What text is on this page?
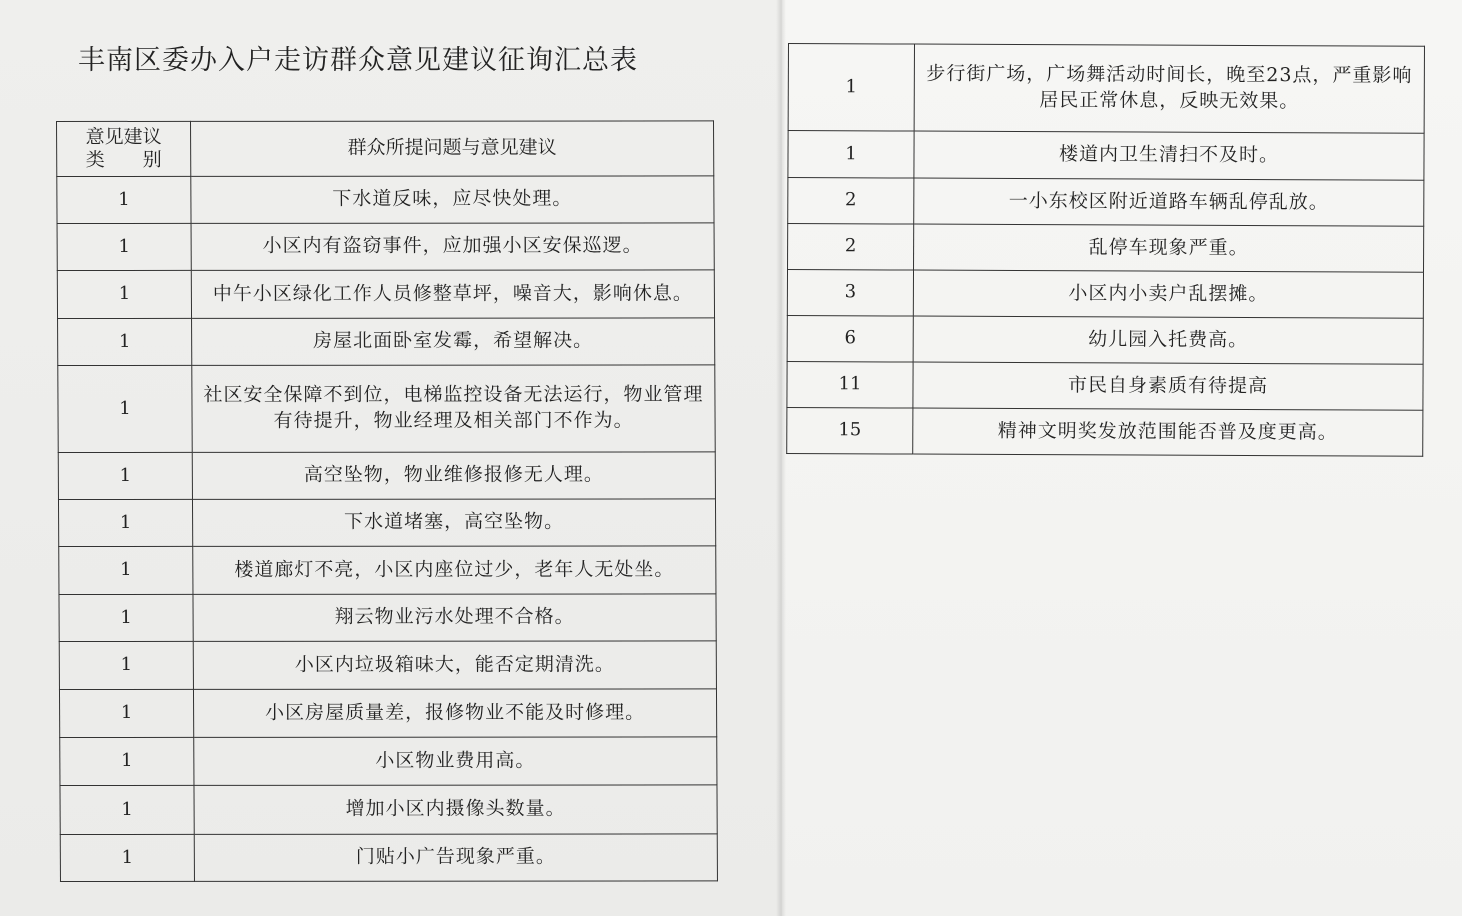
丰南区委办入户走访群众意见建议征询汇总表
意见建议
类　　别	群众所提问题与意见建议
1	下水道反味，应尽快处理。
1	小区内有盗窃事件，应加强小区安保巡逻。
1	中午小区绿化工作人员修整草坪，噪音大，影响休息。
1	房屋北面卧室发霉，希望解决。
1	社区安全保障不到位，电梯监控设备无法运行，物业管理有待提升，物业经理及相关部门不作为。
1	高空坠物，物业维修报修无人理。
1	下水道堵塞，高空坠物。
1	楼道廊灯不亮，小区内座位过少，老年人无处坐。
1	翔云物业污水处理不合格。
1	小区内垃圾箱味大，能否定期清洗。
1	小区房屋质量差，报修物业不能及时修理。
1	小区物业费用高。
1	增加小区内摄像头数量。
1	门贴小广告现象严重。
1	步行街广场，广场舞活动时间长，晚至23点，严重影响居民正常休息，反映无效果。
1	楼道内卫生清扫不及时。
2	一小东校区附近道路车辆乱停乱放。
2	乱停车现象严重。
3	小区内小卖户乱摆摊。
6	幼儿园入托费高。
11	市民自身素质有待提高
15	精神文明奖发放范围能否普及度更高。
